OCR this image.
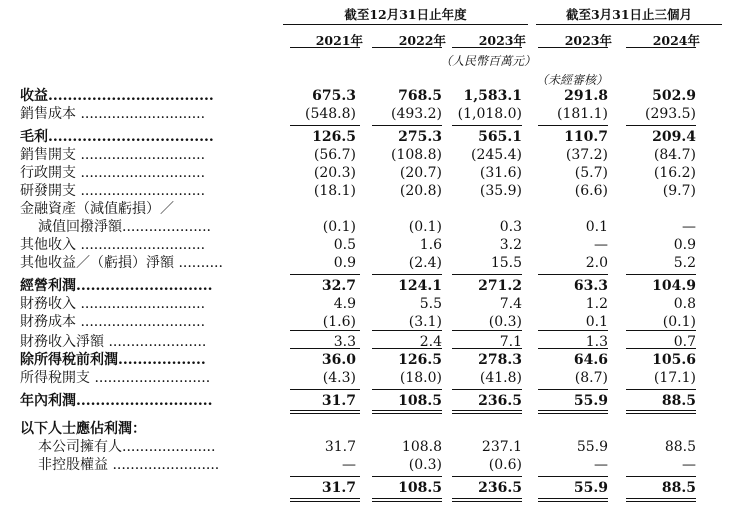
截至12月31日止年度	截至3月31日止三個月
2021年	2022年	2023年	2023年	2024年
（人民幣百萬元）
（未經審核）
收益..................................	675.3	768.5	1,583.1	291.8	502.9
銷售成本 ............................	(548.8)	(493.2)	(1,018.0)	(181.1)	(293.5)
毛利..................................	126.5	275.3	565.1	110.7	209.4
銷售開支 ............................	(56.7)	(108.8)	(245.4)	(37.2)	(84.7)
行政開支 ............................	(20.3)	(20.7)	(31.6)	(5.7)	(16.2)
研發開支 ............................	(18.1)	(20.8)	(35.9)	(6.6)	(9.7)
金融資產（減值虧損）／
減值回撥淨額....................	(0.1)	(0.1)	0.3	0.1	—
其他收入 ............................	0.5	1.6	3.2	—	0.9
其他收益／（虧損）淨額 ..........	0.9	(2.4)	15.5	2.0	5.2
經營利潤............................	32.7	124.1	271.2	63.3	104.9
財務收入 ............................	4.9	5.5	7.4	1.2	0.8
財務成本 ............................	(1.6)	(3.1)	(0.3)	0.1	(0.1)
財務收入淨額 ......................	3.3	2.4	7.1	1.3	0.7
除所得稅前利潤..................	36.0	126.5	278.3	64.6	105.6
所得稅開支 ..........................	(4.3)	(18.0)	(41.8)	(8.7)	(17.1)
年內利潤............................	31.7	108.5	236.5	55.9	88.5
以下人士應佔利潤：
本公司擁有人.....................	31.7	108.8	237.1	55.9	88.5
非控股權益 ........................	—	(0.3)	(0.6)	—	—
31.7	108.5	236.5	55.9	88.5
